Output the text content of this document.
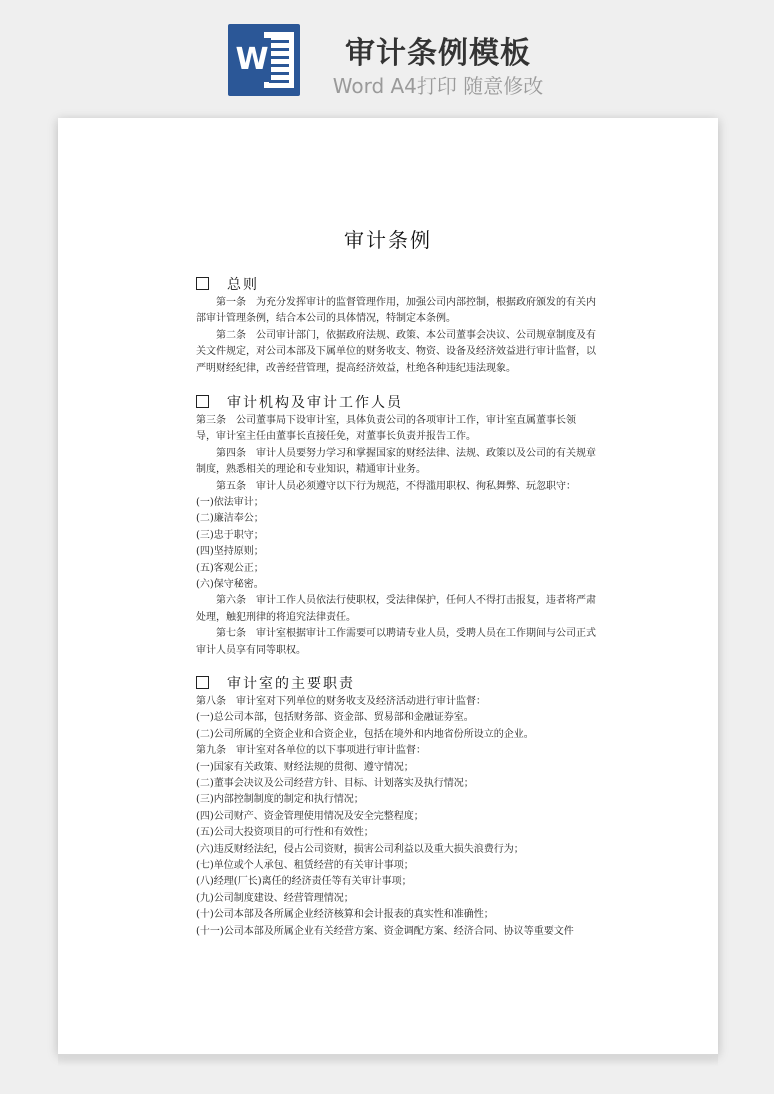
W	审计条例模板
Word A4打印 随意修改
审计条例
总则

第一条　为充分发挥审计的监督管理作用，加强公司内部控制，根据政府颁发的有关内

部审计管理条例，结合本公司的具体情况，特制定本条例。

第二条　公司审计部门，依据政府法规、政策、本公司董事会决议、公司规章制度及有

关文件规定，对公司本部及下属单位的财务收支、物资、设备及经济效益进行审计监督，以

严明财经纪律，改善经营管理，提高经济效益，杜绝各种违纪违法现象。

审计机构及审计工作人员

第三条　公司董事局下设审计室，具体负责公司的各项审计工作，审计室直属董事长领

导，审计室主任由董事长直接任免，对董事长负责并报告工作。

第四条　审计人员要努力学习和掌握国家的财经法律、法规、政策以及公司的有关规章

制度，熟悉相关的理论和专业知识，精通审计业务。

第五条　审计人员必须遵守以下行为规范，不得滥用职权、徇私舞弊、玩忽职守：

(一)依法审计；

(二)廉洁奉公；

(三)忠于职守；

(四)坚持原则；

(五)客观公正；

(六)保守秘密。

第六条　审计工作人员依法行使职权，受法律保护，任何人不得打击报复，违者将严肃

处理，触犯刑律的将追究法律责任。

第七条　审计室根据审计工作需要可以聘请专业人员，受聘人员在工作期间与公司正式

审计人员享有同等职权。

审计室的主要职责

第八条　审计室对下列单位的财务收支及经济活动进行审计监督：

(一)总公司本部，包括财务部、资金部、贸易部和金融证券室。

(二)公司所属的全资企业和合资企业，包括在境外和内地省份所设立的企业。

第九条　审计室对各单位的以下事项进行审计监督：

(一)国家有关政策、财经法规的贯彻、遵守情况；

(二)董事会决议及公司经营方针、目标、计划落实及执行情况；

(三)内部控制制度的制定和执行情况；

(四)公司财产、资金管理使用情况及安全完整程度；

(五)公司大投资项目的可行性和有效性；

(六)违反财经法纪，侵占公司资财，损害公司利益以及重大损失浪费行为；

(七)单位或个人承包、租赁经营的有关审计事项；

(八)经理(厂长)离任的经济责任等有关审计事项；

(九)公司制度建设、经营管理情况；

(十)公司本部及各所属企业经济核算和会计报表的真实性和准确性；

(十一)公司本部及所属企业有关经营方案、资金调配方案、经济合同、协议等重要文件
